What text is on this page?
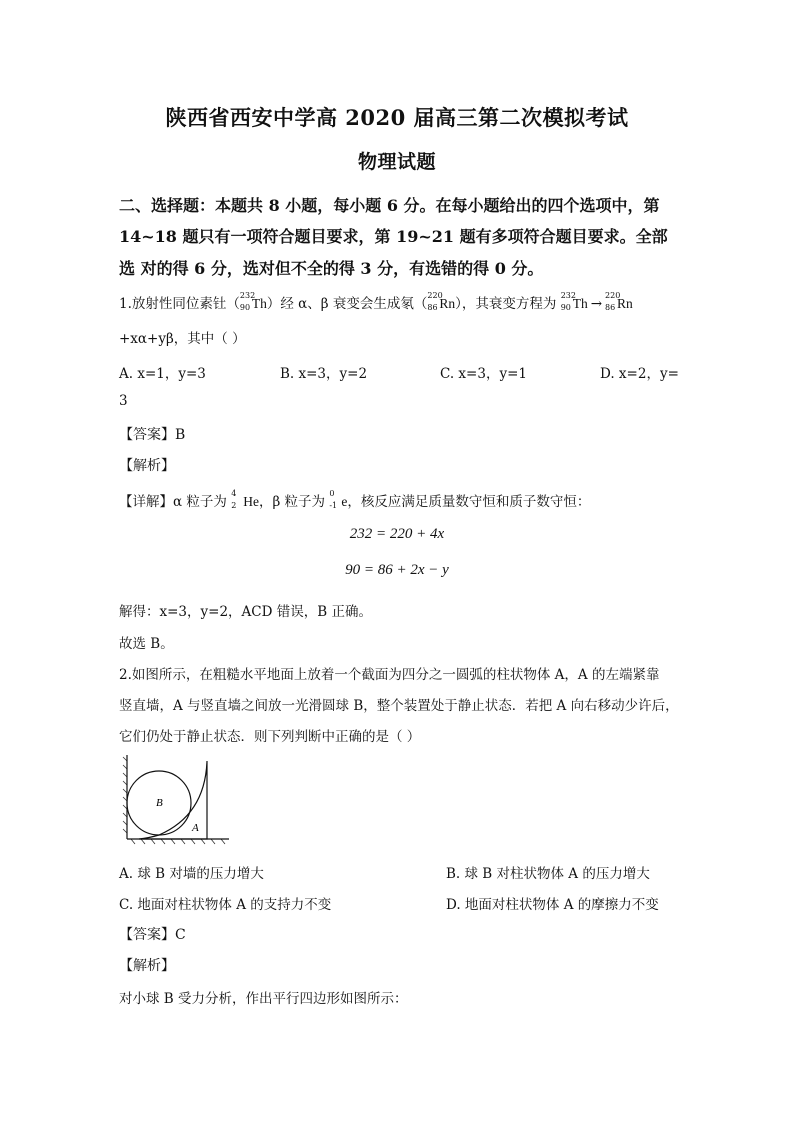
陕西省西安中学高 2020 届高三第二次模拟考试
物理试题
二、选择题：本题共 8 小题，每小题 6 分。在每小题给出的四个选项中，第
14~18 题只有一项符合题目要求，第 19~21 题有多项符合题目要求。全部
选 对的得 6 分，选对但不全的得 3 分，有选错的得 0 分。
1.放射性同位素钍（
232
90 Th）经 α、β 衰变会生成氡（
220
86 Rn），其衰变方程为
232
90 Th →
220
86 Rn
+xα+yβ，其中（ ）
A. x=1，y=3	B. x=3，y=2	C. x=3，y=1	D. x=2，y=
3
【答案】B
【解析】
【详解】α 粒子为
4
2 He，β 粒子为
0
-1 e，核反应满足质量数守恒和质子数守恒：
232 = 220 + 4x
90 = 86 + 2x − y
解得：x=3，y=2，ACD 错误，B 正确。
故选 B。
2.如图所示，在粗糙水平地面上放着一个截面为四分之一圆弧的柱状物体 A，A 的左端紧靠
竖直墙，A 与竖直墙之间放一光滑圆球 B，整个装置处于静止状态．若把 A 向右移动少许后，
它们仍处于静止状态．则下列判断中正确的是（ ）
B
A
A. 球 B 对墙的压力增大	B. 球 B 对柱状物体 A 的压力增大
C. 地面对柱状物体 A 的支持力不变	D. 地面对柱状物体 A 的摩擦力不变
【答案】C
【解析】
对小球 B 受力分析，作出平行四边形如图所示：
